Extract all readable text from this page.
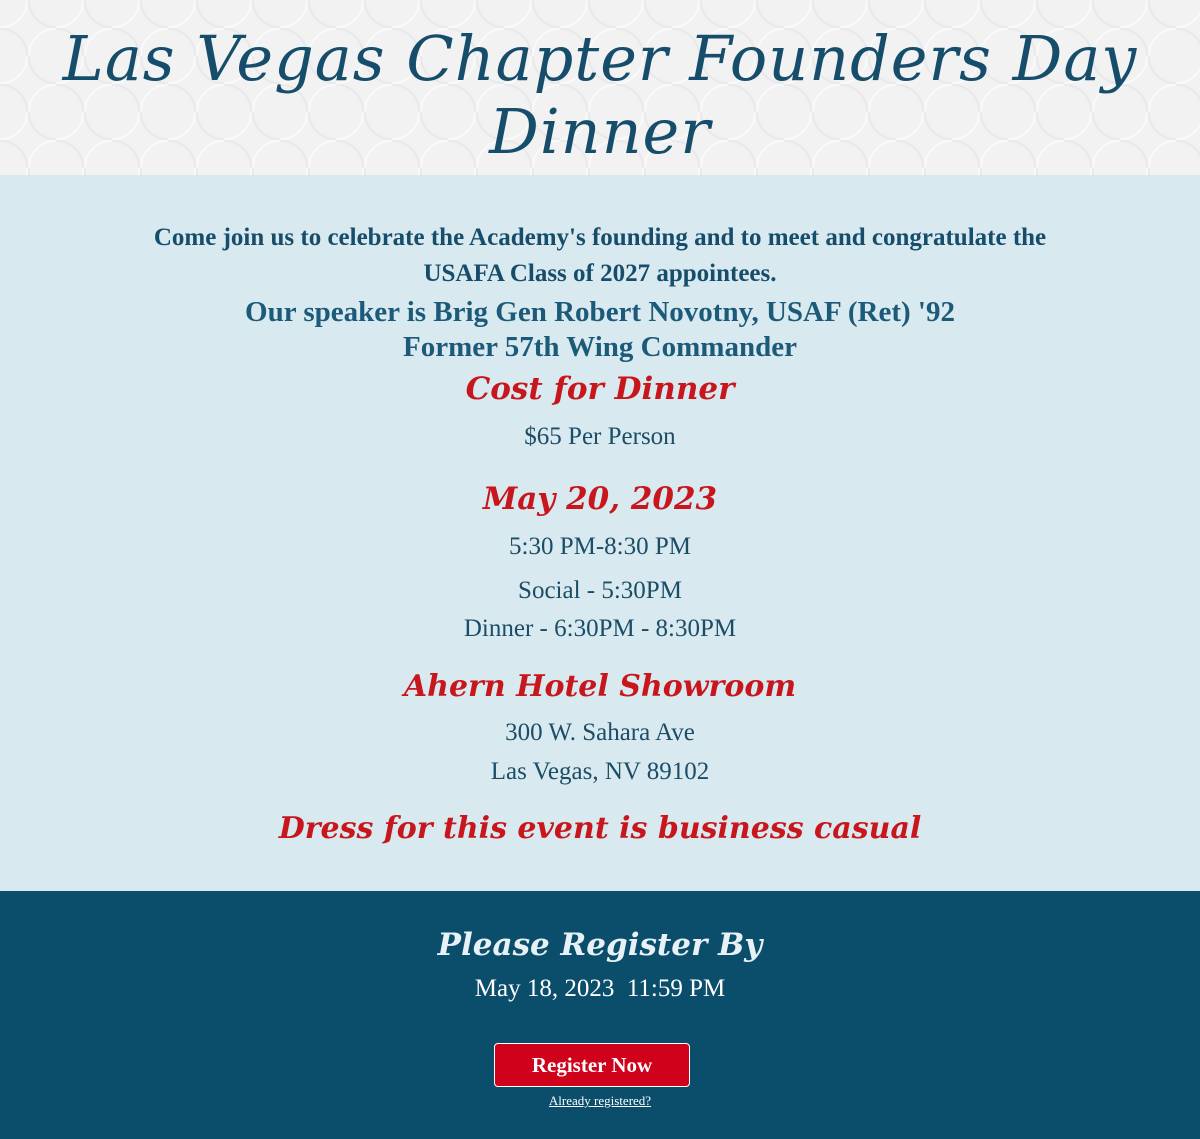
Las Vegas Chapter Founders Day Dinner

Come join us to celebrate the Academy's founding and to meet and congratulate the
USAFA Class of 2027 appointees.

Our speaker is Brig Gen Robert Novotny, USAF (Ret) '92
Former 57th Wing Commander

Cost for Dinner

$65 Per Person

May 20, 2023

5:30 PM-8:30 PM

Social - 5:30PM

Dinner - 6:30PM - 8:30PM

Ahern Hotel Showroom

300 W. Sahara Ave

Las Vegas, NV 89102

Dress for this event is business casual
Please Register By

May 18, 2023  11:59 PM

Register Now
Already registered?
